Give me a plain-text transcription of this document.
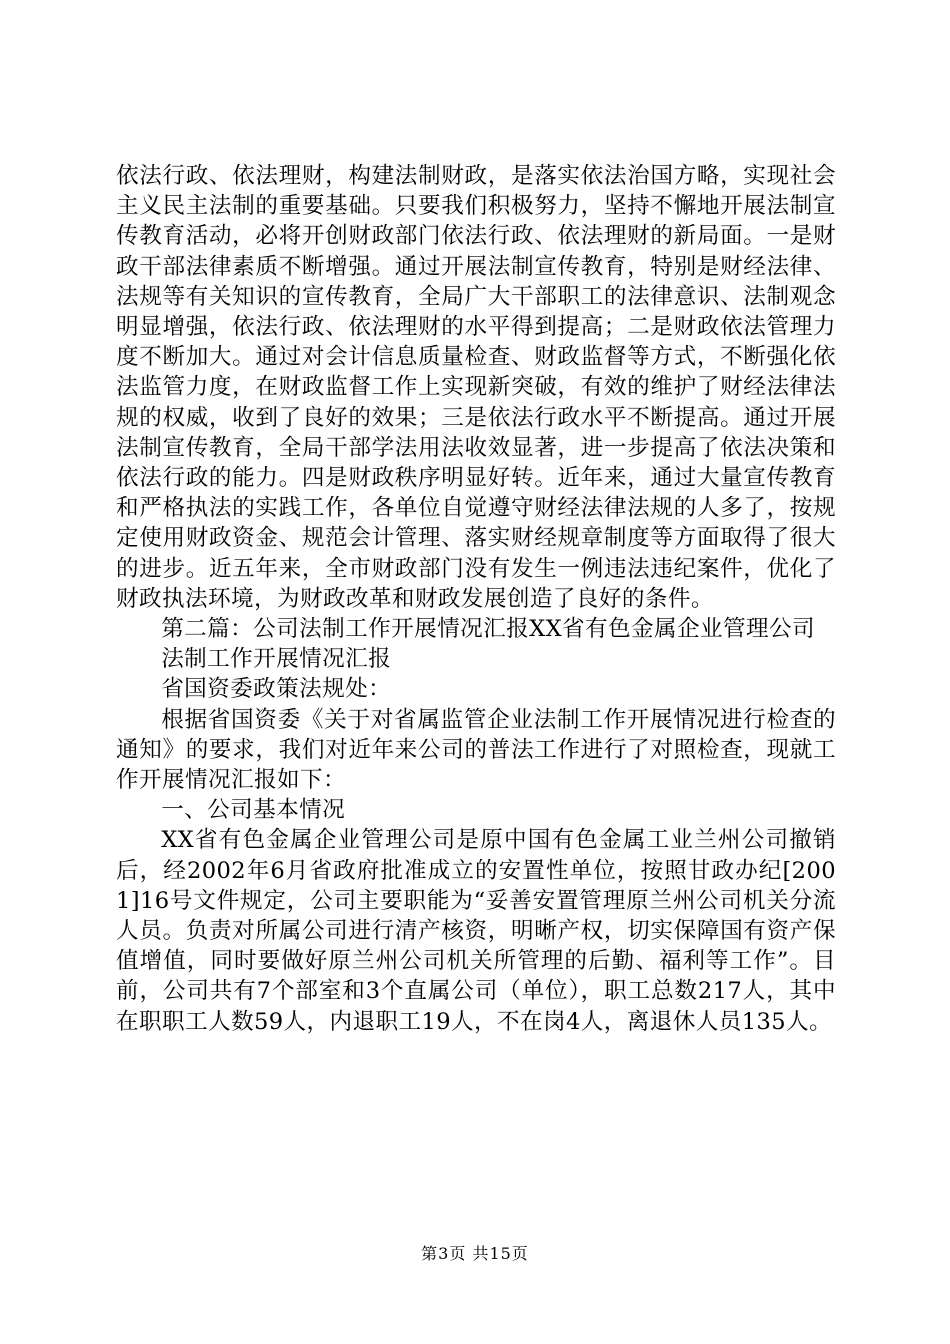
依法行政、依法理财，构建法制财政，是落实依法治国方略，实现社会主义民主法制的重要基础。只要我们积极努力，坚持不懈地开展法制宣传教育活动，必将开创财政部门依法行政、依法理财的新局面。一是财政干部法律素质不断增强。通过开展法制宣传教育，特别是财经法律、法规等有关知识的宣传教育，全局广大干部职工的法律意识、法制观念明显增强，依法行政、依法理财的水平得到提高；二是财政依法管理力度不断加大。通过对会计信息质量检查、财政监督等方式，不断强化依法监管力度，在财政监督工作上实现新突破，有效的维护了财经法律法规的权威，收到了良好的效果；三是依法行政水平不断提高。通过开展法制宣传教育，全局干部学法用法收效显著，进一步提高了依法决策和依法行政的能力。四是财政秩序明显好转。近年来，通过大量宣传教育和严格执法的实践工作，各单位自觉遵守财经法律法规的人多了，按规定使用财政资金、规范会计管理、落实财经规章制度等方面取得了很大的进步。近五年来，全市财政部门没有发生一例违法违纪案件，优化了财政执法环境，为财政改革和财政发展创造了良好的条件。

第二篇：公司法制工作开展情况汇报XX省有色金属企业管理公司

法制工作开展情况汇报

省国资委政策法规处：

根据省国资委《关于对省属监管企业法制工作开展情况进行检查的通知》的要求，我们对近年来公司的普法工作进行了对照检查，现就工作开展情况汇报如下：

一、公司基本情况

XX省有色金属企业管理公司是原中国有色金属工业兰州公司撤销后，经2002年6月省政府批准成立的安置性单位，按照甘政办纪[2001]16号文件规定，公司主要职能为“妥善安置管理原兰州公司机关分流人员。负责对所属公司进行清产核资，明晰产权，切实保障国有资产保值增值，同时要做好原兰州公司机关所管理的后勤、福利等工作”。目前，公司共有7个部室和3个直属公司（单位），职工总数217人，其中在职职工人数59人，内退职工19人，不在岗4人，离退休人员135人。

第3页 共15页
